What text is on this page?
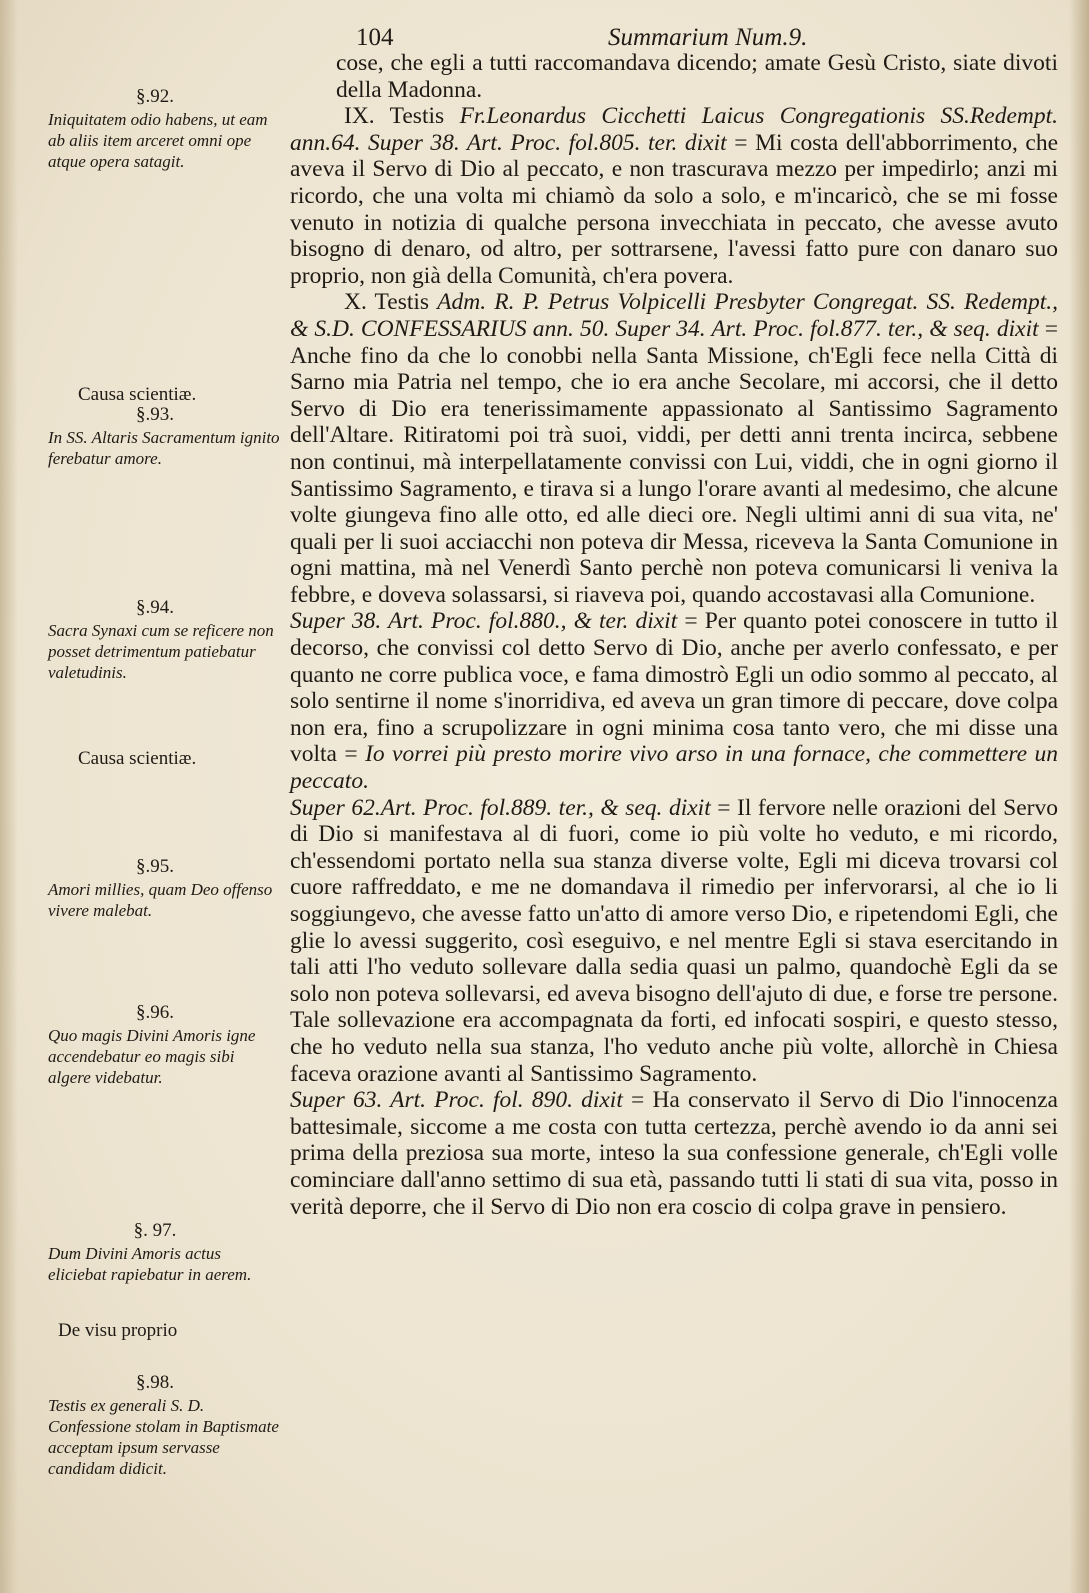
104	Summarium Num.9.
§.92.
Iniquitatem odio habens, ut eam ab aliis item arceret omni ope atque opera satagit.
Causa scientiæ.
§.93.
In SS. Altaris Sacramentum ignito ferebatur amore.
§.94.
Sacra Synaxi cum se reficere non posset detrimentum patiebatur valetudinis.
Causa scientiæ.
§.95.
Amori millies, quam Deo offenso vivere malebat.
§.96.
Quo magis Divini Amoris igne accendebatur eo magis sibi algere videbatur.
§. 97.
Dum Divini Amoris actus eliciebat rapiebatur in aerem.
De visu proprio
§.98.
Testis ex generali S. D. Confessione stolam in Baptismate acceptam ipsum servasse candidam didicit.

cose, che egli a tutti raccomandava dicendo; amate Gesù Cristo, siate divoti della Madonna.

IX. Testis Fr.Leonardus Cicchetti Laicus Congregationis SS.Redempt. ann.64. Super 38. Art. Proc. fol.805. ter. dixit = Mi costa dell'abborrimento, che aveva il Servo di Dio al peccato, e non trascurava mezzo per impedirlo; anzi mi ricordo, che una volta mi chiamò da solo a solo, e m'incaricò, che se mi fosse venuto in notizia di qualche persona invecchiata in peccato, che avesse avuto bisogno di denaro, od altro, per sottrarsene, l'avessi fatto pure con danaro suo proprio, non già della Comunità, ch'era povera.

X. Testis Adm. R. P. Petrus Volpicelli Presbyter Congregat. SS. Redempt., & S.D. CONFESSARIUS ann. 50. Super 34. Art. Proc. fol.877. ter., & seq. dixit = Anche fino da che lo conobbi nella Santa Missione, ch'Egli fece nella Città di Sarno mia Patria nel tempo, che io era anche Secolare, mi accorsi, che il detto Servo di Dio era tenerissimamente appassionato al Santissimo Sagramento dell'Altare. Ritiratomi poi trà suoi, viddi, per detti anni trenta incirca, sebbene non continui, mà interpellatamente convissi con Lui, viddi, che in ogni giorno il Santissimo Sagramento, e tirava si a lungo l'orare avanti al medesimo, che alcune volte giungeva fino alle otto, ed alle dieci ore. Negli ultimi anni di sua vita, ne' quali per li suoi acciacchi non poteva dir Messa, riceveva la Santa Comunione in ogni mattina, mà nel Venerdì Santo perchè non poteva comunicarsi li veniva la febbre, e doveva solassarsi, si riaveva poi, quando accostavasi alla Comunione.

Super 38. Art. Proc. fol.880., & ter. dixit = Per quanto potei conoscere in tutto il decorso, che convissi col detto Servo di Dio, anche per averlo confessato, e per quanto ne corre publica voce, e fama dimostrò Egli un odio sommo al peccato, al solo sentirne il nome s'inorridiva, ed aveva un gran timore di peccare, dove colpa non era, fino a scrupolizzare in ogni minima cosa tanto vero, che mi disse una volta = Io vorrei più presto morire vivo arso in una fornace, che commettere un peccato.

Super 62.Art. Proc. fol.889. ter., & seq. dixit = Il fervore nelle orazioni del Servo di Dio si manifestava al di fuori, come io più volte ho veduto, e mi ricordo, ch'essendomi portato nella sua stanza diverse volte, Egli mi diceva trovarsi col cuore raffreddato, e me ne domandava il rimedio per infervorarsi, al che io li soggiungevo, che avesse fatto un'atto di amore verso Dio, e ripetendomi Egli, che glie lo avessi suggerito, così eseguivo, e nel mentre Egli si stava esercitando in tali atti l'ho veduto sollevare dalla sedia quasi un palmo, quandochè Egli da se solo non poteva sollevarsi, ed aveva bisogno dell'ajuto di due, e forse tre persone. Tale sollevazione era accompagnata da forti, ed infocati sospiri, e questo stesso, che ho veduto nella sua stanza, l'ho veduto anche più volte, allorchè in Chiesa faceva orazione avanti al Santissimo Sagramento.

Super 63. Art. Proc. fol. 890. dixit = Ha conservato il Servo di Dio l'innocenza battesimale, siccome a me costa con tutta certezza, perchè avendo io da anni sei prima della preziosa sua morte, inteso la sua confessione generale, ch'Egli volle cominciare dall'anno settimo di sua età, passando tutti li stati di sua vita, posso in verità deporre, che il Servo di Dio non era coscio di colpa grave in pensiero.
